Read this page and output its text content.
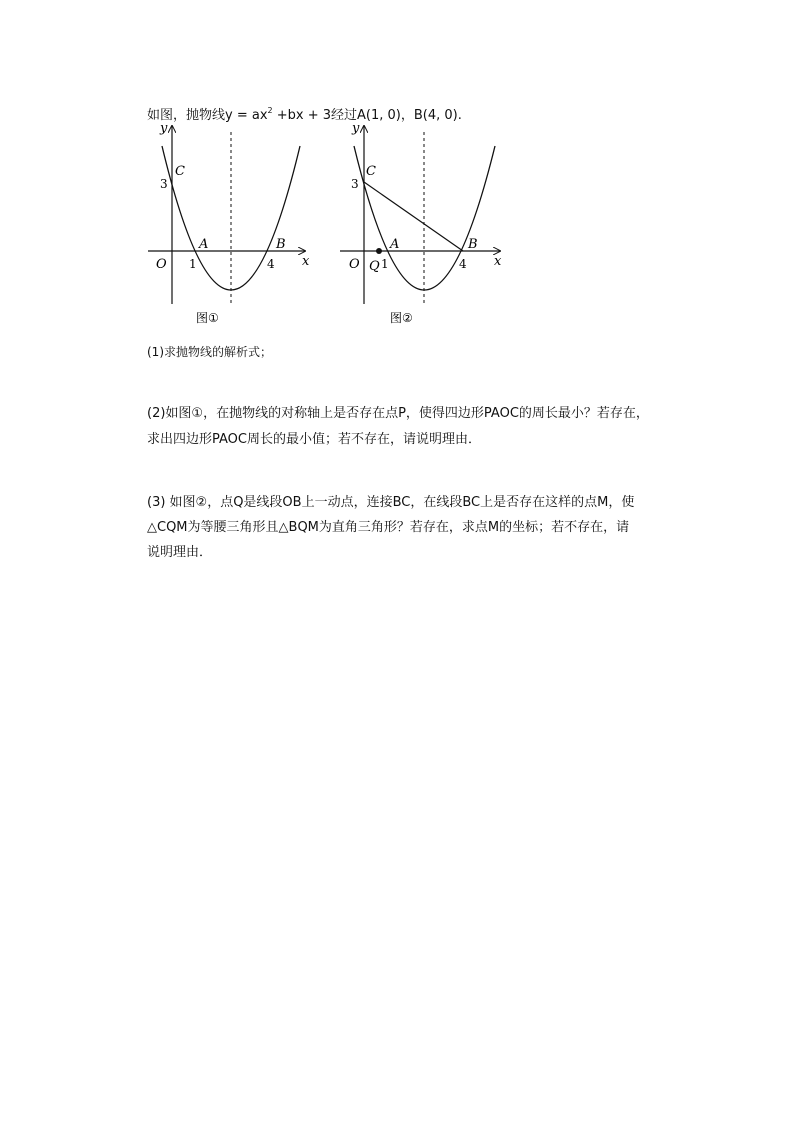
如图，抛物线$y = ax^2 +bx + 3$经过A(1, 0)，B(4, 0).
y
x
O
C
A	B
3
1	4
图①
y
x
O
C
A	B
Q
3
1	4
图②
(1)求抛物线的解析式；
(2)如图①，在抛物线的对称轴上是否存在点P，使得四边形PAOC的周长最小？若存在，
求出四边形PAOC周长的最小值；若不存在，请说明理由．
(3) 如图②，点Q是线段OB上一动点，连接BC，在线段BC上是否存在这样的点M，使
△CQM为等腰三角形且△BQM为直角三角形？若存在，求点M的坐标；若不存在，请
说明理由．
